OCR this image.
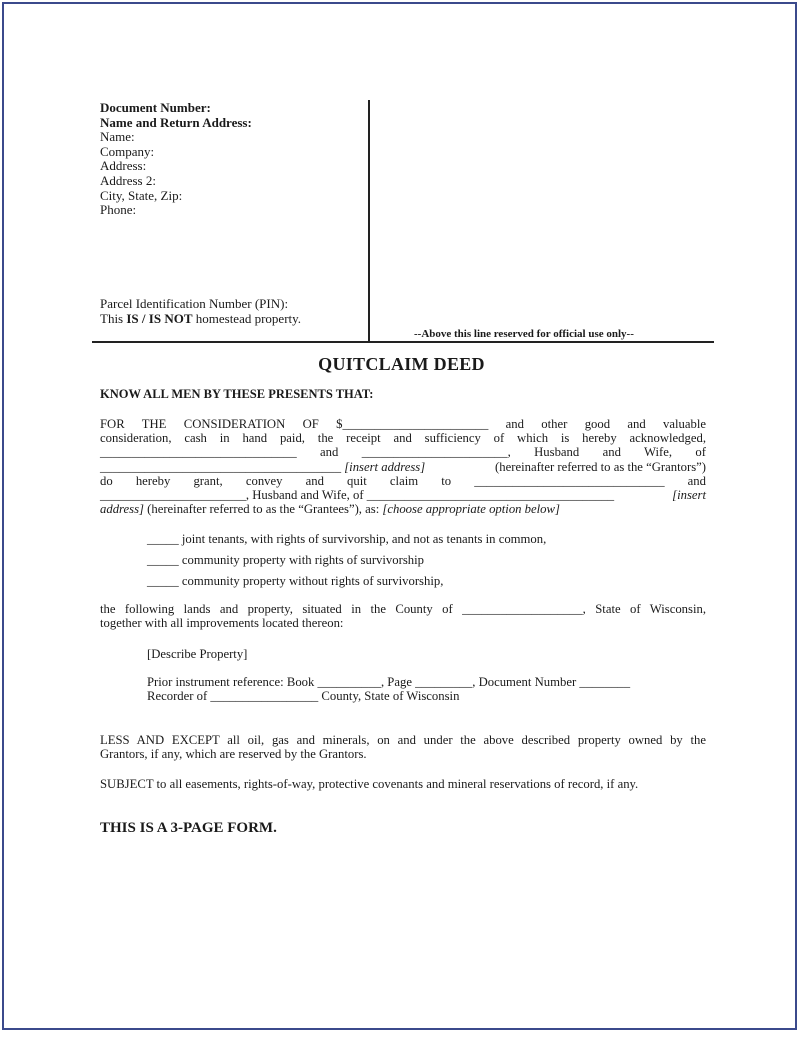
Document Number:
Name and Return Address:
Name:
Company:
Address:
Address 2:
City, State, Zip:
Phone:
Parcel Identification Number (PIN):
This IS / IS NOT homestead property.
--Above this line reserved for official use only--
QUITCLAIM DEED
KNOW ALL MEN BY THESE PRESENTS THAT:
FOR THE CONSIDERATION OF $_______________________ and other good and valuable
consideration, cash in hand paid, the receipt and sufficiency of which is hereby acknowledged,
_______________________________ and _______________________, Husband and Wife, of
______________________________________ [insert address]	(hereinafter referred to as the “Grantors”)
do hereby grant, convey and quit claim to ______________________________ and
_______________________, Husband and Wife, of _______________________________________	[insert
address] (hereinafter referred to as the “Grantees”), as: [choose appropriate option below]
_____ joint tenants, with rights of survivorship, and not as tenants in common,
_____ community property with rights of survivorship
_____ community property without rights of survivorship,
the following lands and property, situated in the County of ___________________, State of Wisconsin,
together with all improvements located thereon:
[Describe Property]
Prior instrument reference: Book __________, Page _________, Document Number ________
Recorder of _________________ County, State of Wisconsin
LESS AND EXCEPT all oil, gas and minerals, on and under the above described property owned by the
Grantors, if any, which are reserved by the Grantors.
SUBJECT to all easements, rights-of-way, protective covenants and mineral reservations of record, if any.
THIS IS A 3-PAGE FORM.
